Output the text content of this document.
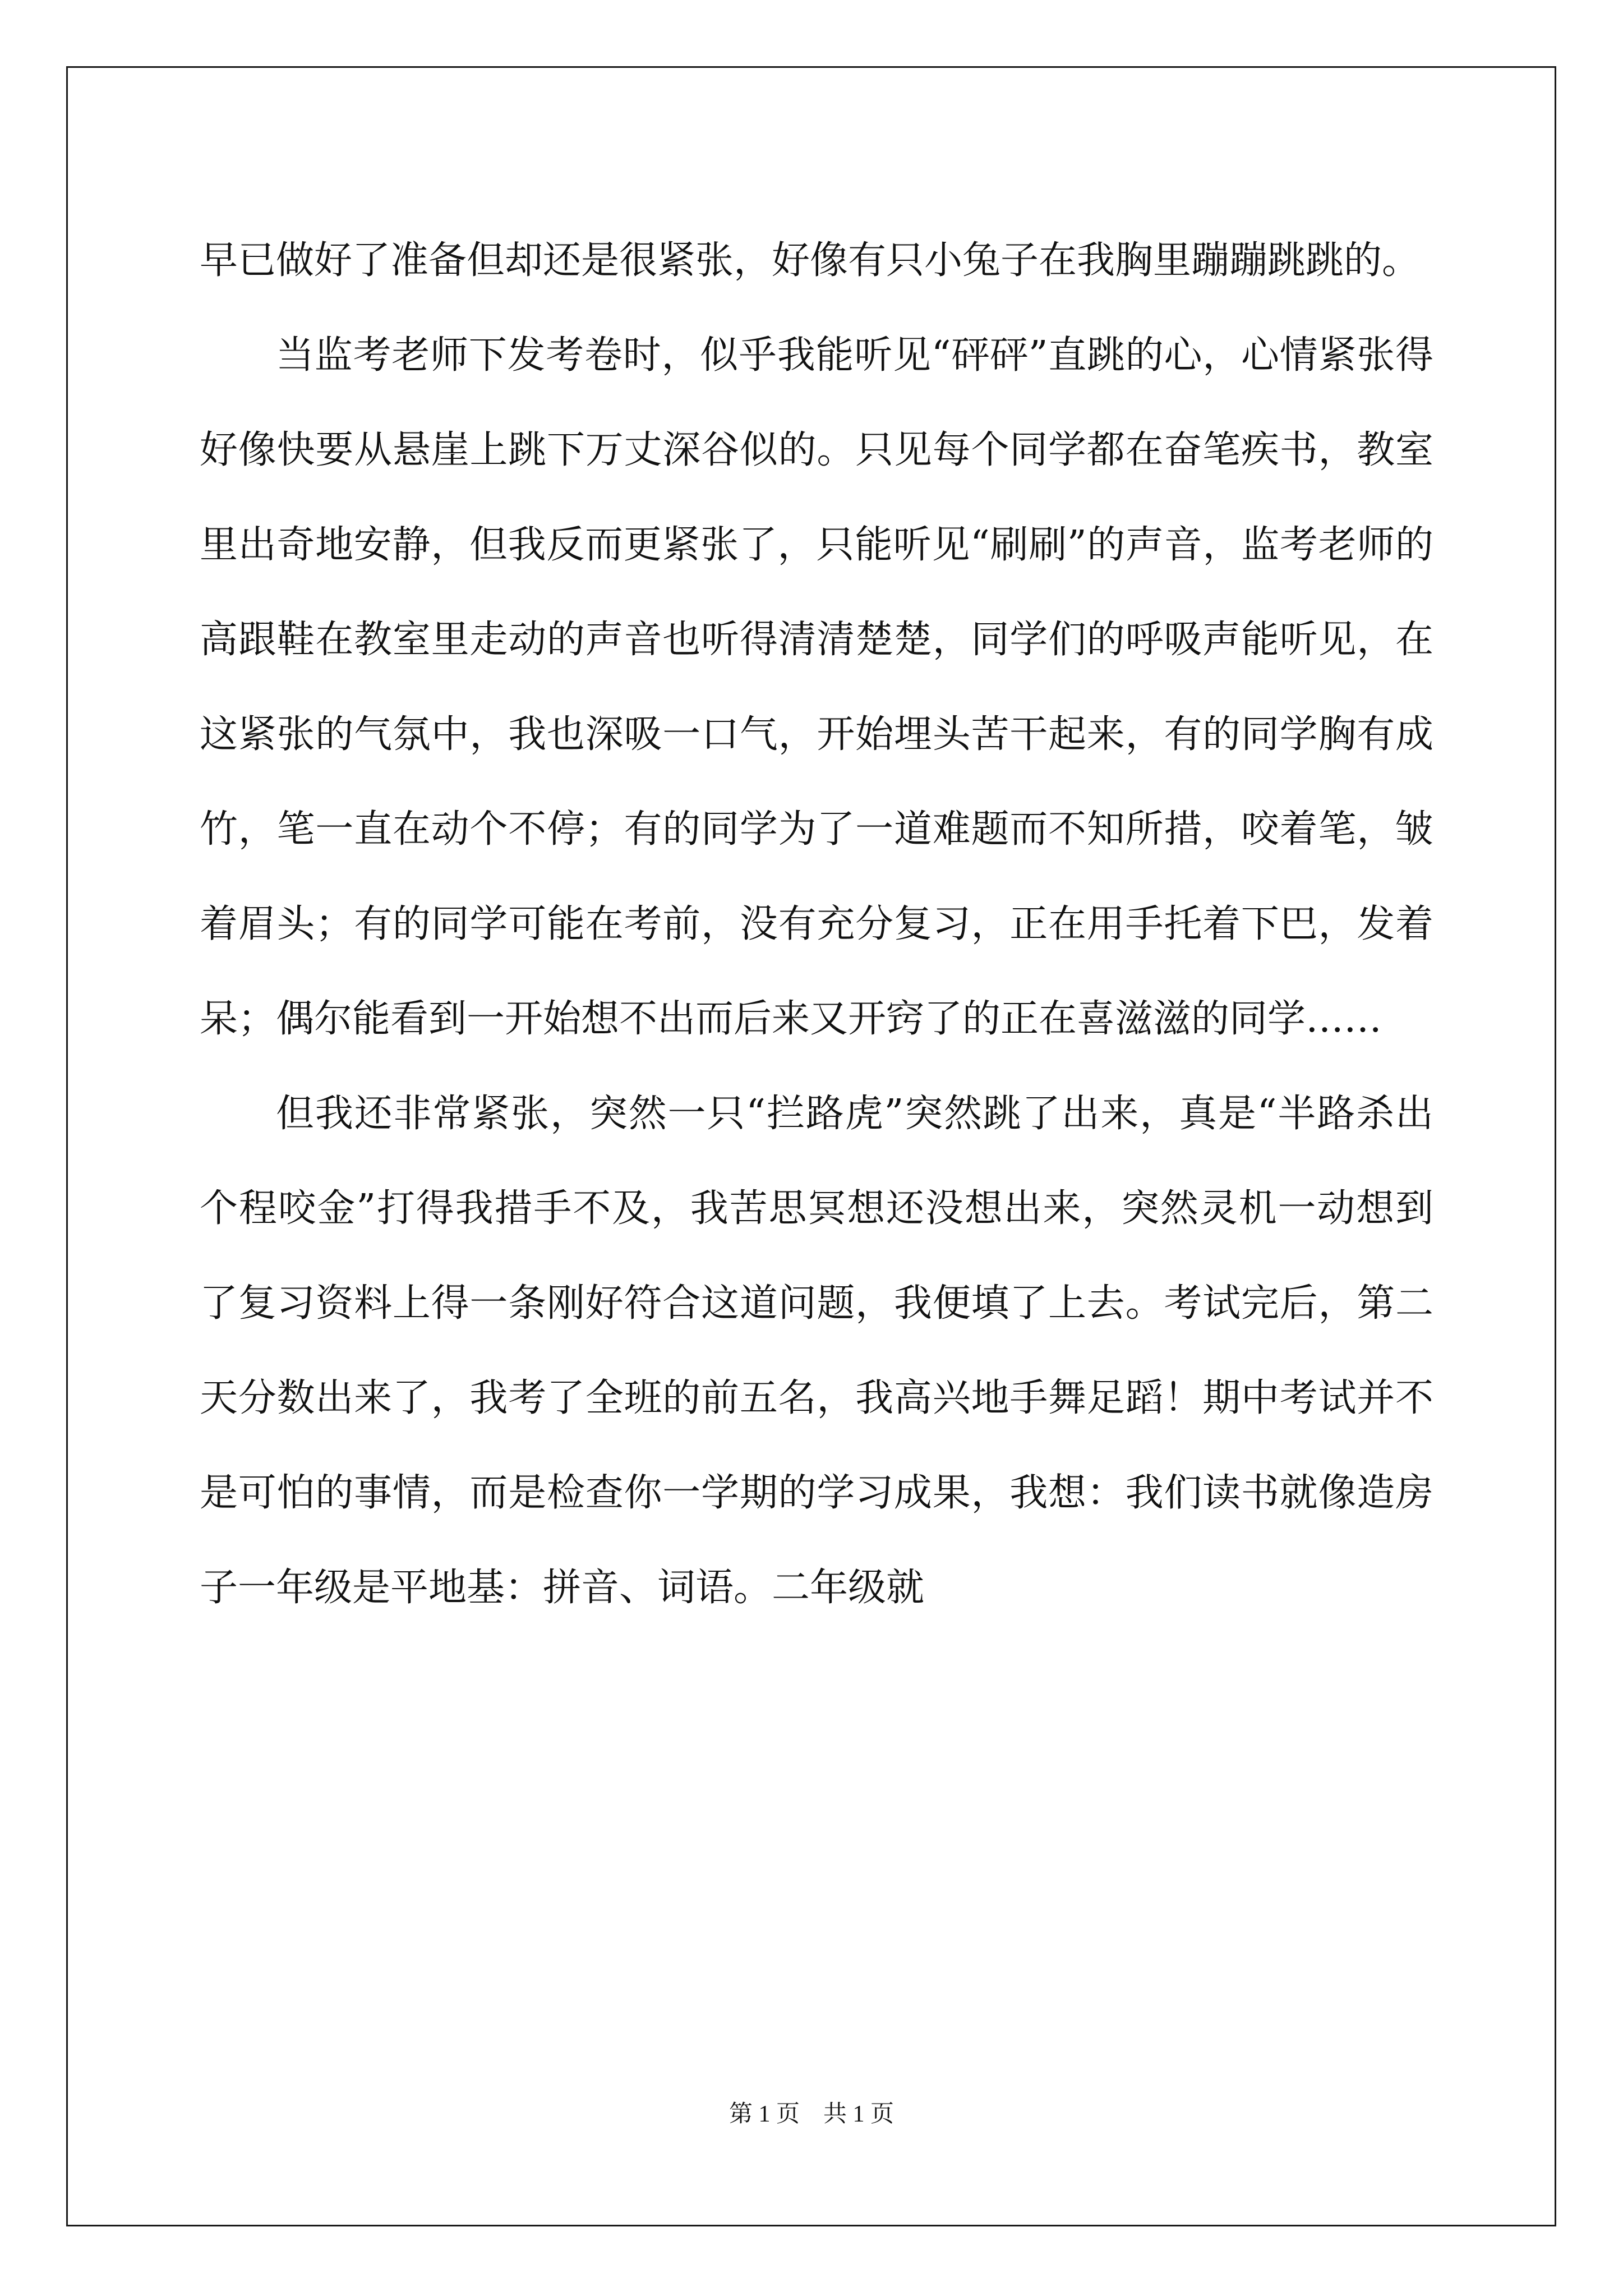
早已做好了准备但却还是很紧张，好像有只小兔子在我胸里蹦蹦跳跳的。

当监考老师下发考卷时，似乎我能听见“砰砰”直跳的心，心情紧张得好像快要从悬崖上跳下万丈深谷似的。只见每个同学都在奋笔疾书，教室里出奇地安静，但我反而更紧张了，只能听见“刷刷”的声音，监考老师的高跟鞋在教室里走动的声音也听得清清楚楚，同学们的呼吸声能听见，在这紧张的气氛中，我也深吸一口气，开始埋头苦干起来，有的同学胸有成竹，笔一直在动个不停；有的同学为了一道难题而不知所措，咬着笔，皱着眉头；有的同学可能在考前，没有充分复习，正在用手托着下巴，发着呆；偶尔能看到一开始想不出而后来又开窍了的正在喜滋滋的同学……

但我还非常紧张，突然一只“拦路虎”突然跳了出来，真是“半路杀出个程咬金”打得我措手不及，我苦思冥想还没想出来，突然灵机一动想到了复习资料上得一条刚好符合这道问题，我便填了上去。考试完后，第二天分数出来了，我考了全班的前五名，我高兴地手舞足蹈！期中考试并不是可怕的事情，而是检查你一学期的学习成果，我想：我们读书就像造房子一年级是平地基：拼音、词语。二年级就

第 1 页　共 1 页
